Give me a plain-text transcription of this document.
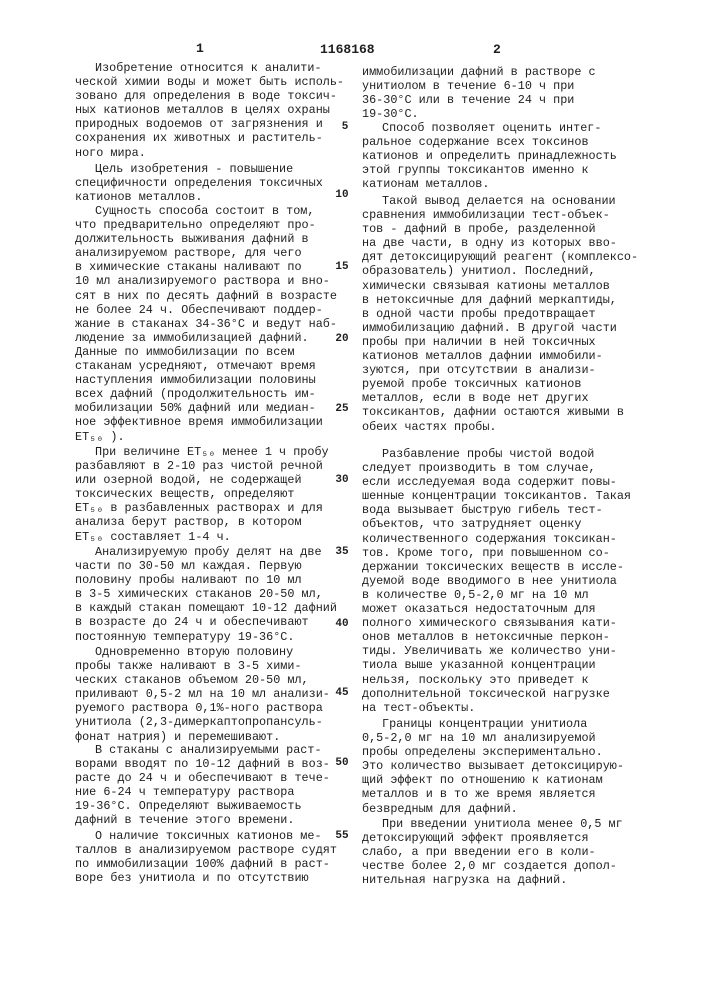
1	1168168	2
Изобретение относится к аналити-
ческой химии воды и может быть исполь-
зовано для определения в воде токсич-
ных катионов металлов в целях охраны
природных водоемов от загрязнения и
сохранения их животных и раститель-
ного мира.
Цель изобретения - повышение
специфичности определения токсичных
катионов металлов.
Сущность способа состоит в том,
что предварительно определяют про-
должительность выживания дафний в
анализируемом растворе, для чего
в химические стаканы наливают по
10 мл анализируемого раствора и вно-
сят в них по десять дафний в возрасте
не более 24 ч. Обеспечивают поддер-
жание в стаканах 34-36°С и ведут наб-
людение за иммобилизацией дафний.
Данные по иммобилизации по всем
стаканам усредняют, отмечают время
наступления иммобилизации половины
всех дафний (продолжительность им-
мобилизации 50% дафний или медиан-
ное эффективное время иммобилизации
ET₅₀ ).
При величине ET₅₀ менее 1 ч пробу
разбавляют в 2-10 раз чистой речной
или озерной водой, не содержащей
токсических веществ, определяют
ET₅₀ в разбавленных растворах и для
анализа берут раствор, в котором
ET₅₀ составляет 1-4 ч.
Анализируемую пробу делят на две
части по 30-50 мл каждая. Первую
половину пробы наливают по 10 мл
в 3-5 химических стаканов 20-50 мл,
в каждый стакан помещают 10-12 дафний
в возрасте до 24 ч и обеспечивают
постоянную температуру 19-36°С.
Одновременно вторую половину
пробы также наливают в 3-5 хими-
ческих стаканов объемом 20-50 мл,
приливают 0,5-2 мл на 10 мл анализи-
руемого раствора 0,1%-ного раствора
унитиола (2,3-димеркаптопропансуль-
фонат натрия) и перемешивают.
В стаканы с анализируемыми раст-
ворами вводят по 10-12 дафний в воз-
расте до 24 ч и обеспечивают в тече-
ние 6-24 ч температуру раствора
19-36°С. Определяют выживаемость
дафний в течение этого времени.
О наличие токсичных катионов ме-
таллов в анализируемом растворе судят
по иммобилизации 100% дафний в раст-
воре без унитиола и по отсутствию
иммобилизации дафний в растворе с
унитиолом в течение 6-10 ч при
36-30°С или в течение 24 ч при
19-30°С.
Способ позволяет оценить интег-
ральное содержание всех токсинов
катионов и определить принадлежность
этой группы токсикантов именно к
катионам металлов.
Такой вывод делается на основании
сравнения иммобилизации тест-объек-
тов - дафний в пробе, разделенной
на две части, в одну из которых вво-
дят детоксицирующий реагент (комплексо-
образователь) унитиол. Последний,
химически связывая катионы металлов
в нетоксичные для дафний меркаптиды,
в одной части пробы предотвращает
иммобилизацию дафний. В другой части
пробы при наличии в ней токсичных
катионов металлов дафнии иммобили-
зуются, при отсутствии в анализи-
руемой пробе токсичных катионов
металлов, если в воде нет других
токсикантов, дафнии остаются живыми в
обеих частях пробы.
Разбавление пробы чистой водой
следует производить в том случае,
если исследуемая вода содержит повы-
шенные концентрации токсикантов. Такая
вода вызывает быструю гибель тест-
объектов, что затрудняет оценку
количественного содержания токсикан-
тов. Кроме того, при повышенном со-
держании токсических веществ в иссле-
дуемой воде вводимого в нее унитиола
в количестве 0,5-2,0 мг на 10 мл
может оказаться недостаточным для
полного химического связывания кати-
онов металлов в нетоксичные перкон-
тиды. Увеличивать же количество уни-
тиола выше указанной концентрации
нельзя, поскольку это приведет к
дополнительной токсической нагрузке
на тест-объекты.
Границы концентрации унитиола
0,5-2,0 мг на 10 мл анализируемой
пробы определены экспериментально.
Это количество вызывает детоксицирую-
щий эффект по отношению к катионам
металлов и в то же время является
безвредным для дафний.
При введении унитиола менее 0,5 мг
детоксирующий эффект проявляется
слабо, а при введении его в коли-
честве более 2,0 мг создается допол-
нительная нагрузка на дафний.
5
10
15
20
25
30
35
40
45
50
55
